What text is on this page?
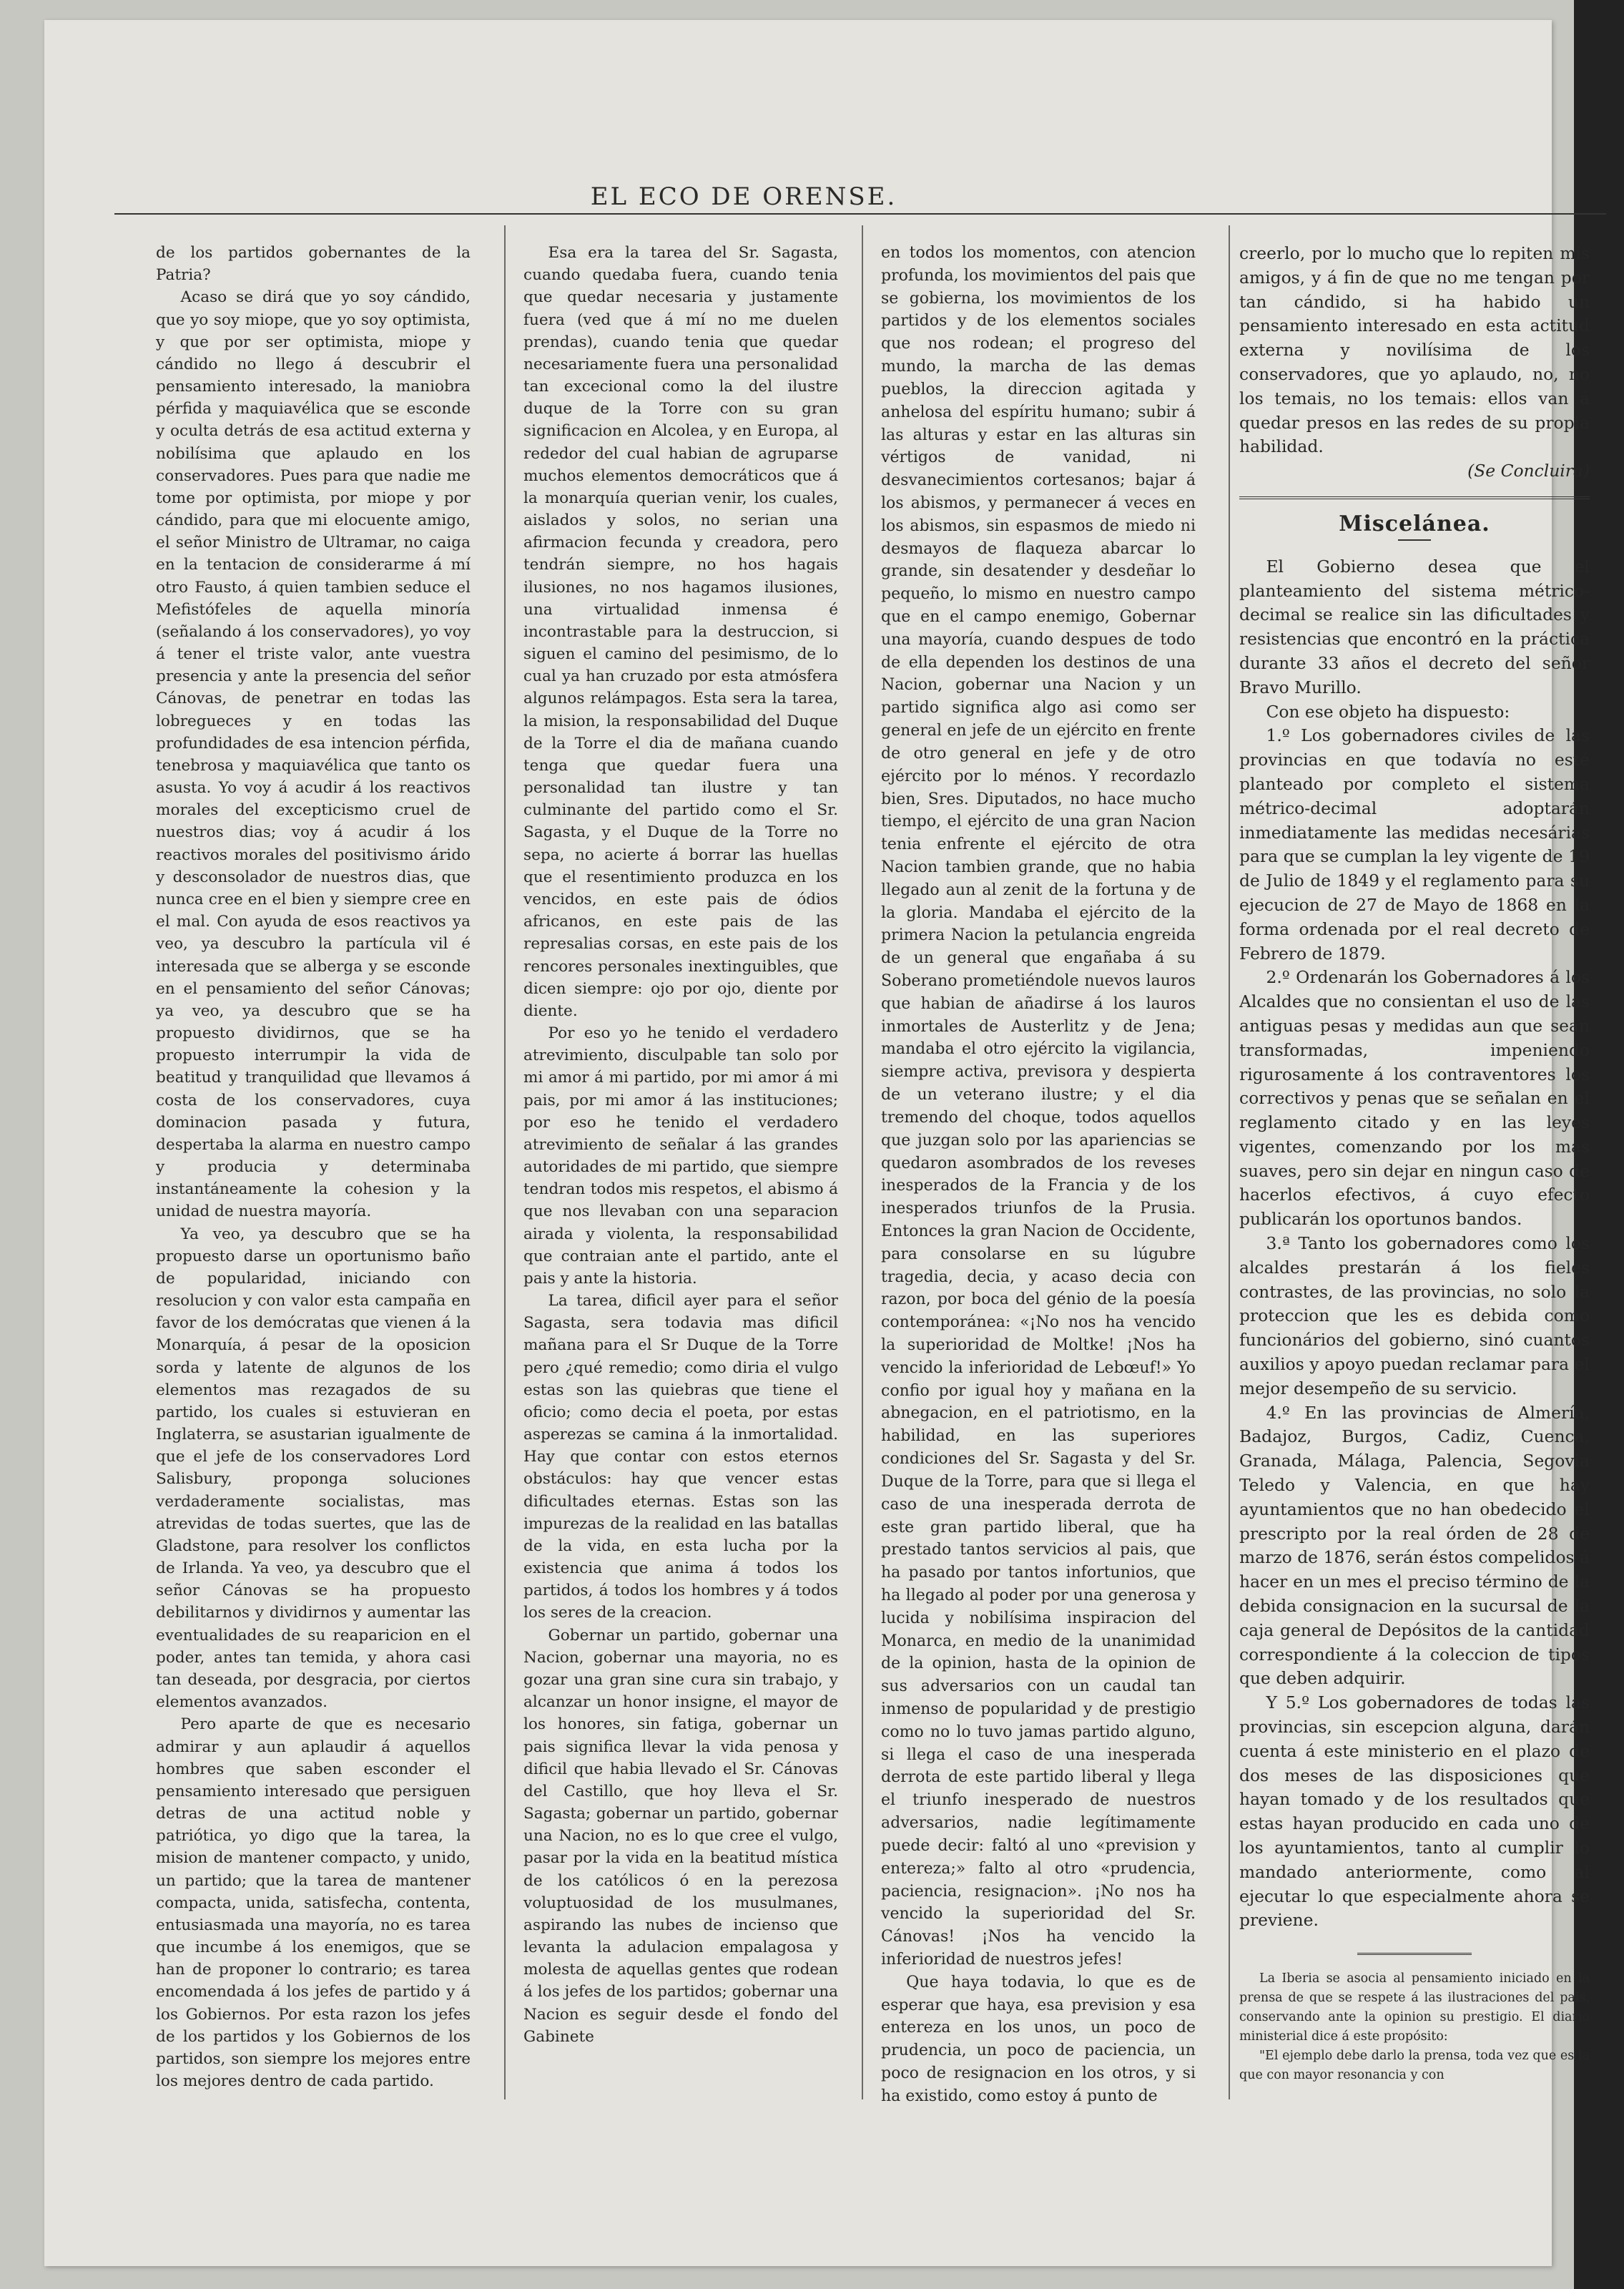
EL ECO DE ORENSE.

de los partidos gobernantes de la Patria?

Acaso se dirá que yo soy cándido, que yo soy miope, que yo soy optimista, y que por ser optimista, miope y cándido no llego á descubrir el pensamiento interesado, la maniobra pérfida y maquiavélica que se esconde y oculta detrás de esa actitud externa y nobilísima que aplaudo en los conservadores. Pues para que nadie me tome por optimista, por miope y por cándido, para que mi elocuente amigo, el señor Ministro de Ultramar, no caiga en la tentacion de considerarme á mí otro Fausto, á quien tambien seduce el Mefistófeles de aquella minoría (señalando á los conservadores), yo voy á tener el triste valor, ante vuestra presencia y ante la presencia del señor Cánovas, de penetrar en todas las lobregueces y en todas las profundidades de esa intencion pérfida, tenebrosa y maquiavélica que tanto os asusta. Yo voy á acudir á los reactivos morales del excepticismo cruel de nuestros dias; voy á acudir á los reactivos morales del positivismo árido y desconsolador de nuestros dias, que nunca cree en el bien y siempre cree en el mal. Con ayuda de esos reactivos ya veo, ya descubro la partícula vil é interesada que se alberga y se esconde en el pensamiento del señor Cánovas; ya veo, ya descubro que se ha propuesto dividirnos, que se ha propuesto interrumpir la vida de beatitud y tranquilidad que llevamos á costa de los conservadores, cuya dominacion pasada y futura, despertaba la alarma en nuestro campo y producia y determinaba instantáneamente la cohesion y la unidad de nuestra mayoría.

Ya veo, ya descubro que se ha propuesto darse un oportunismo baño de popularidad, iniciando con resolucion y con valor esta campaña en favor de los demócratas que vienen á la Monarquía, á pesar de la oposicion sorda y latente de algunos de los elementos mas rezagados de su partido, los cuales si estuvieran en Inglaterra, se asustarian igualmente de que el jefe de los conservadores Lord Salisbury, proponga soluciones verdaderamente socialistas, mas atrevidas de todas suertes, que las de Gladstone, para resolver los conflictos de Irlanda. Ya veo, ya descubro que el señor Cánovas se ha propuesto debilitarnos y dividirnos y aumentar las eventualidades de su reaparicion en el poder, antes tan temida, y ahora casi tan deseada, por desgracia, por ciertos elementos avanzados.

Pero aparte de que es necesario admirar y aun aplaudir á aquellos hombres que saben esconder el pensamiento interesado que persiguen detras de una actitud noble y patriótica, yo digo que la tarea, la mision de mantener compacto, y unido, un partido; que la tarea de mantener compacta, unida, satisfecha, contenta, entusiasmada una mayoría, no es tarea que incumbe á los enemigos, que se han de proponer lo contrario; es tarea encomendada á los jefes de partido y á los Gobiernos. Por esta razon los jefes de los partidos y los Gobiernos de los partidos, son siempre los mejores entre los mejores dentro de cada partido.

Esa era la tarea del Sr. Sagasta, cuando quedaba fuera, cuando tenia que quedar necesaria y justamente fuera (ved que á mí no me duelen prendas), cuando tenia que quedar necesariamente fuera una personalidad tan excecional como la del ilustre duque de la Torre con su gran significacion en Alcolea, y en Europa, al rededor del cual habian de agruparse muchos elementos democráticos que á la monarquía querian venir, los cuales, aislados y solos, no serian una afirmacion fecunda y creadora, pero tendrán siempre, no hos hagais ilusiones, no nos hagamos ilusiones, una virtualidad inmensa é incontrastable para la destruccion, si siguen el camino del pesimismo, de lo cual ya han cruzado por esta atmósfera algunos relámpagos. Esta sera la tarea, la mision, la responsabilidad del Duque de la Torre el dia de mañana cuando tenga que quedar fuera una personalidad tan ilustre y tan culminante del partido como el Sr. Sagasta, y el Duque de la Torre no sepa, no acierte á borrar las huellas que el resentimiento produzca en los vencidos, en este pais de ódios africanos, en este pais de las represalias corsas, en este pais de los rencores personales inextinguibles, que dicen siempre: ojo por ojo, diente por diente.

Por eso yo he tenido el verdadero atrevimiento, disculpable tan solo por mi amor á mi partido, por mi amor á mi pais, por mi amor á las instituciones; por eso he tenido el verdadero atrevimiento de señalar á las grandes autoridades de mi partido, que siempre tendran todos mis respetos, el abismo á que nos llevaban con una separacion airada y violenta, la responsabilidad que contraian ante el partido, ante el pais y ante la historia.

La tarea, dificil ayer para el señor Sagasta, sera todavia mas dificil mañana para el Sr Duque de la Torre pero ¿qué remedio; como diria el vulgo estas son las quiebras que tiene el oficio; como decia el poeta, por estas asperezas se camina á la inmortalidad. Hay que contar con estos eternos obstáculos: hay que vencer estas dificultades eternas. Estas son las impurezas de la realidad en las batallas de la vida, en esta lucha por la existencia que anima á todos los partidos, á todos los hombres y á todos los seres de la creacion.

Gobernar un partido, gobernar una Nacion, gobernar una mayoria, no es gozar una gran sine cura sin trabajo, y alcanzar un honor insigne, el mayor de los honores, sin fatiga, gobernar un pais significa llevar la vida penosa y dificil que habia llevado el Sr. Cánovas del Castillo, que hoy lleva el Sr. Sagasta; gobernar un partido, gobernar una Nacion, no es lo que cree el vulgo, pasar por la vida en la beatitud mística de los católicos ó en la perezosa voluptuosidad de los musulmanes, aspirando las nubes de incienso que levanta la adulacion empalagosa y molesta de aquellas gentes que rodean á los jefes de los partidos; gobernar una Nacion es seguir desde el fondo del Gabinete

en todos los momentos, con atencion profunda, los movimientos del pais que se gobierna, los movimientos de los partidos y de los elementos sociales que nos rodean; el progreso del mundo, la marcha de las demas pueblos, la direccion agitada y anhelosa del espíritu humano; subir á las alturas y estar en las alturas sin vértigos de vanidad, ni desvanecimientos cortesanos; bajar á los abismos, y permanecer á veces en los abismos, sin espasmos de miedo ni desmayos de flaqueza abarcar lo grande, sin desatender y desdeñar lo pequeño, lo mismo en nuestro campo que en el campo enemigo, Gobernar una mayoría, cuando despues de todo de ella dependen los destinos de una Nacion, gobernar una Nacion y un partido significa algo asi como ser general en jefe de un ejército en frente de otro general en jefe y de otro ejército por lo ménos. Y recordazlo bien, Sres. Diputados, no hace mucho tiempo, el ejército de una gran Nacion tenia enfrente el ejército de otra Nacion tambien grande, que no habia llegado aun al zenit de la fortuna y de la gloria. Mandaba el ejército de la primera Nacion la petulancia engreida de un general que engañaba á su Soberano prometiéndole nuevos lauros que habian de añadirse á los lauros inmortales de Austerlitz y de Jena; mandaba el otro ejército la vigilancia, siempre activa, previsora y despierta de un veterano ilustre; y el dia tremendo del choque, todos aquellos que juzgan solo por las apariencias se quedaron asombrados de los reveses inesperados de la Francia y de los inesperados triunfos de la Prusia. Entonces la gran Nacion de Occidente, para consolarse en su lúgubre tragedia, decia, y acaso decia con razon, por boca del génio de la poesía contemporánea: «¡No nos ha vencido la superioridad de Moltke! ¡Nos ha vencido la inferioridad de Lebœuf!» Yo confio por igual hoy y mañana en la abnegacion, en el patriotismo, en la habilidad, en las superiores condiciones del Sr. Sagasta y del Sr. Duque de la Torre, para que si llega el caso de una inesperada derrota de este gran partido liberal, que ha prestado tantos servicios al pais, que ha pasado por tantos infortunios, que ha llegado al poder por una generosa y lucida y nobilísima inspiracion del Monarca, en medio de la unanimidad de la opinion, hasta de la opinion de sus adversarios con un caudal tan inmenso de popularidad y de prestigio como no lo tuvo jamas partido alguno, si llega el caso de una inesperada derrota de este partido liberal y llega el triunfo inesperado de nuestros adversarios, nadie legítimamente puede decir: faltó al uno «prevision y entereza;» falto al otro «prudencia, paciencia, resignacion». ¡No nos ha vencido la superioridad del Sr. Cánovas! ¡Nos ha vencido la inferioridad de nuestros jefes!

Que haya todavia, lo que es de esperar que haya, esa prevision y esa entereza en los unos, un poco de prudencia, un poco de paciencia, un poco de resignacion en los otros, y si ha existido, como estoy á punto de

creerlo, por lo mucho que lo repiten mis amigos, y á fin de que no me tengan por tan cándido, si ha habido un pensamiento interesado en esta actitud externa y novilísima de los conservadores, que yo aplaudo, no, no los temais, no los temais: ellos van á quedar presos en las redes de su propia habilidad.

(Se Concluira)

Miscelánea.

El Gobierno desea que el planteamiento del sistema métrico-decimal se realice sin las dificultades y resistencias que encontró en la práctica durante 33 años el decreto del señor Bravo Murillo.

Con ese objeto ha dispuesto:

1.º Los gobernadores civiles de las provincias en que todavía no esté planteado por completo el sistema métrico-decimal adoptarán inmediatamente las medidas necesárias para que se cumplan la ley vigente de 19 de Julio de 1849 y el reglamento para su ejecucion de 27 de Mayo de 1868 en la forma ordenada por el real decreto de Febrero de 1879.

2.º Ordenarán los Gobernadores á los Alcaldes que no consientan el uso de las antiguas pesas y medidas aun que sean transformadas, impeniendo rigurosamente á los contraventores los correctivos y penas que se señalan en el reglamento citado y en las leyes vigentes, comenzando por los mas suaves, pero sin dejar en ningun caso de hacerlos efectivos, á cuyo efecto publicarán los oportunos bandos.

3.ª Tanto los gobernadores como los alcaldes prestarán á los fieles contrastes, de las provincias, no solo la proteccion que les es debida como funcionários del gobierno, sinó cuantos auxilios y apoyo puedan reclamar para el mejor desempeño de su servicio.

4.º En las provincias de Almería, Badajoz, Burgos, Cadiz, Cuenca, Granada, Málaga, Palencia, Segovia Teledo y Valencia, en que hay ayuntamientos que no han obedecido el prescripto por la real órden de 28 de marzo de 1876, serán éstos compelidos á hacer en un mes el preciso término de la debida consignacion en la sucursal de la caja general de Depósitos de la cantidad correspondiente á la coleccion de tipos que deben adquirir.

Y 5.º Los gobernadores de todas las provincias, sin escepcion alguna, darán cuenta á este ministerio en el plazo de dos meses de las disposiciones que hayan tomado y de los resultados que estas hayan producido en cada uno de los ayuntamientos, tanto al cumplir lo mandado anteriormente, como al ejecutar lo que especialmente ahora se previene.

La Iberia se asocia al pensamiento iniciado en la prensa de que se respete á las ilustraciones del pais, conservando ante la opinion su prestigio. El diario ministerial dice á este propósito:

"El ejemplo debe darlo la prensa, toda vez que es la que con mayor resonancia y con
